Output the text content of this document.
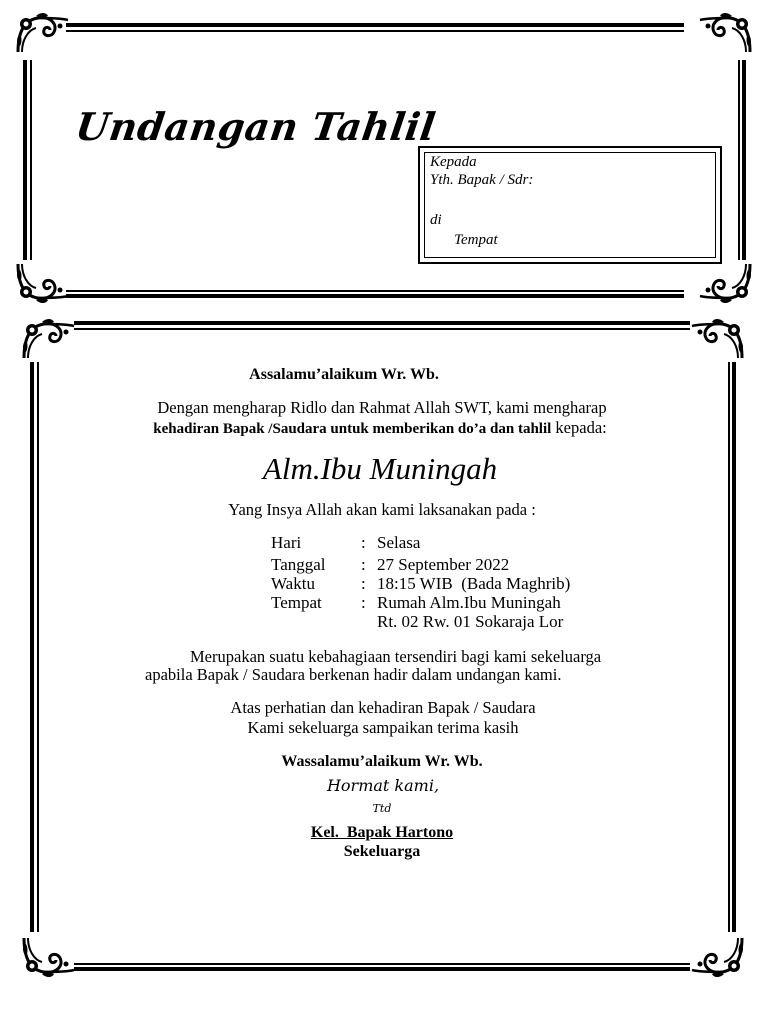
Undangan Tahlil
Kepada
Yth. Bapak / Sdr:
di
Tempat
Assalamu’alaikum Wr. Wb.
Dengan mengharap Ridlo dan Rahmat Allah SWT, kami mengharap
kehadiran Bapak /Saudara untuk memberikan do’a dan tahlil kepada:
Alm.Ibu Muningah
Yang Insya Allah akan kami laksanakan pada :
Hari	: Selasa
Tanggal : 27 September 2022
Waktu	: 18:15 WIB  (Bada Maghrib)
Tempat : Rumah Alm.Ibu Muningah
Rt. 02 Rw. 01 Sokaraja Lor
Merupakan suatu kebahagiaan tersendiri bagi kami sekeluarga
apabila Bapak / Saudara berkenan hadir dalam undangan kami.
Atas perhatian dan kehadiran Bapak / Saudara
Kami sekeluarga sampaikan terima kasih
Wassalamu’alaikum Wr. Wb.
Hormat kami,
Ttd
Kel.  Bapak Hartono
Sekeluarga
